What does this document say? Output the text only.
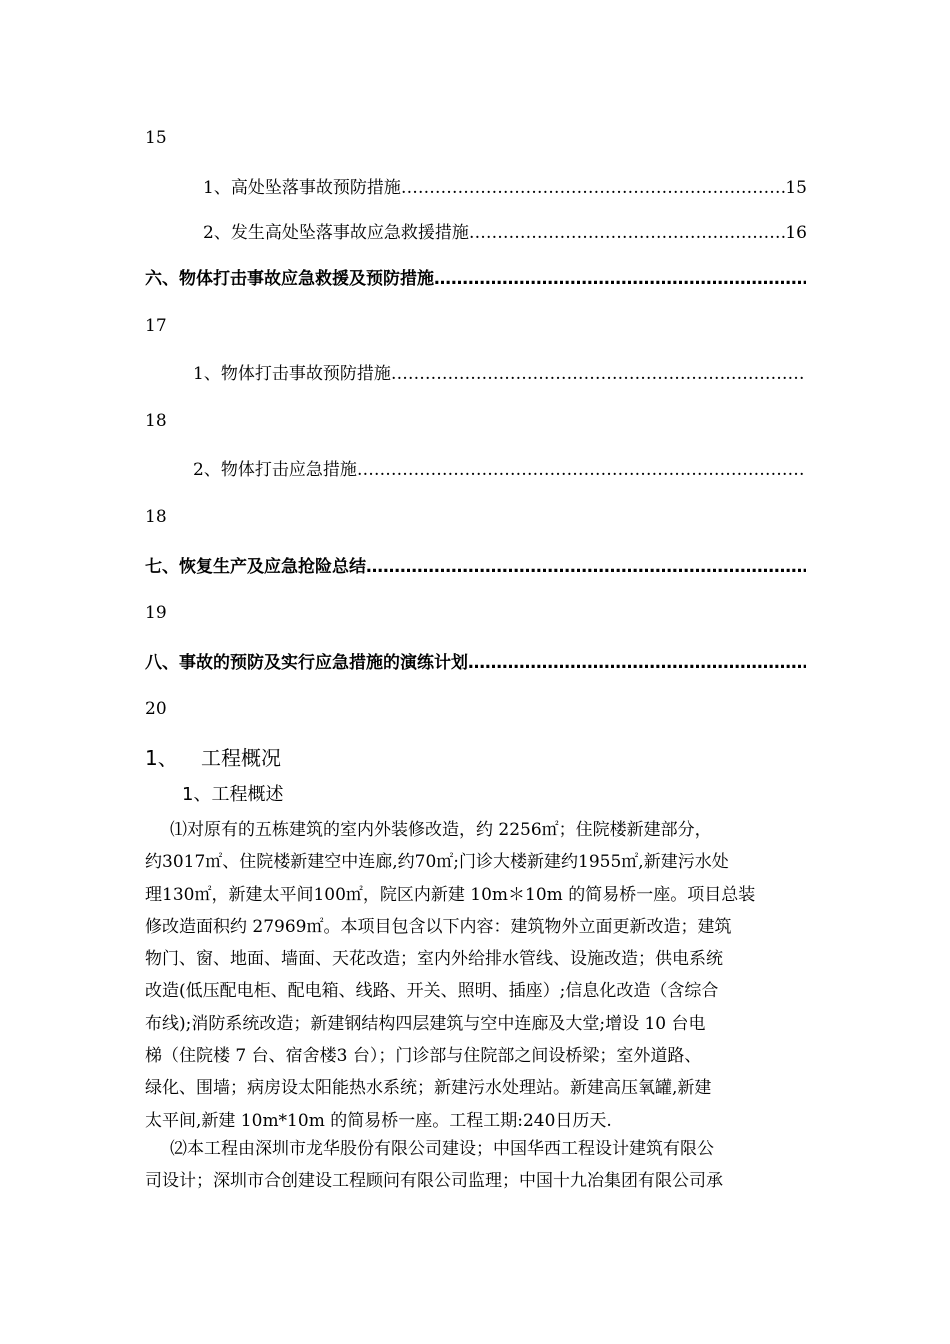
15
1、高处坠落事故预防措施 …………………………………………………………………………………………………………………………………	15
2、发生高处坠落事故应急救援措施 …………………………………………………………………………………………………………………………………	16
六、物体打击事故应急救援及预防措施
…………………………………………………………………………………………………………………………………
17
1、物体打击事故预防措施
…………………………………………………………………………………………………………………………………
18
2、物体打击应急措施
…………………………………………………………………………………………………………………………………
18
七、恢复生产及应急抢险总结
…………………………………………………………………………………………………………………………………
19
八、事故的预防及实行应急措施的演练计划
…………………………………………………………………………………………………………………………………
20
1、 工程概况
1、工程概述
⑴对原有的五栋建筑的室内外装修改造，约 2256㎡；住院楼新建部分，
约3017㎡、住院楼新建空中连廊,约70㎡;门诊大楼新建约1955㎡,新建污水处
理130㎡，新建太平间100㎡，院区内新建 10m＊10m 的简易桥一座。项目总装
修改造面积约 27969㎡。本项目包含以下内容：建筑物外立面更新改造；建筑
物门、窗、地面、墙面、天花改造；室内外给排水管线、设施改造；供电系统
改造(低压配电柜、配电箱、线路、开关、照明、插座）;信息化改造（含综合
布线);消防系统改造；新建钢结构四层建筑与空中连廊及大堂;增设 10 台电
梯（住院楼 7 台、宿舍楼3 台）；门诊部与住院部之间设桥梁；室外道路、
绿化、围墙；病房设太阳能热水系统；新建污水处理站。新建高压氧罐,新建
太平间,新建 10m*10m 的简易桥一座。工程工期:240日历天.
⑵本工程由深圳市龙华股份有限公司建设；中国华西工程设计建筑有限公
司设计；深圳市合创建设工程顾问有限公司监理；中国十九冶集团有限公司承
